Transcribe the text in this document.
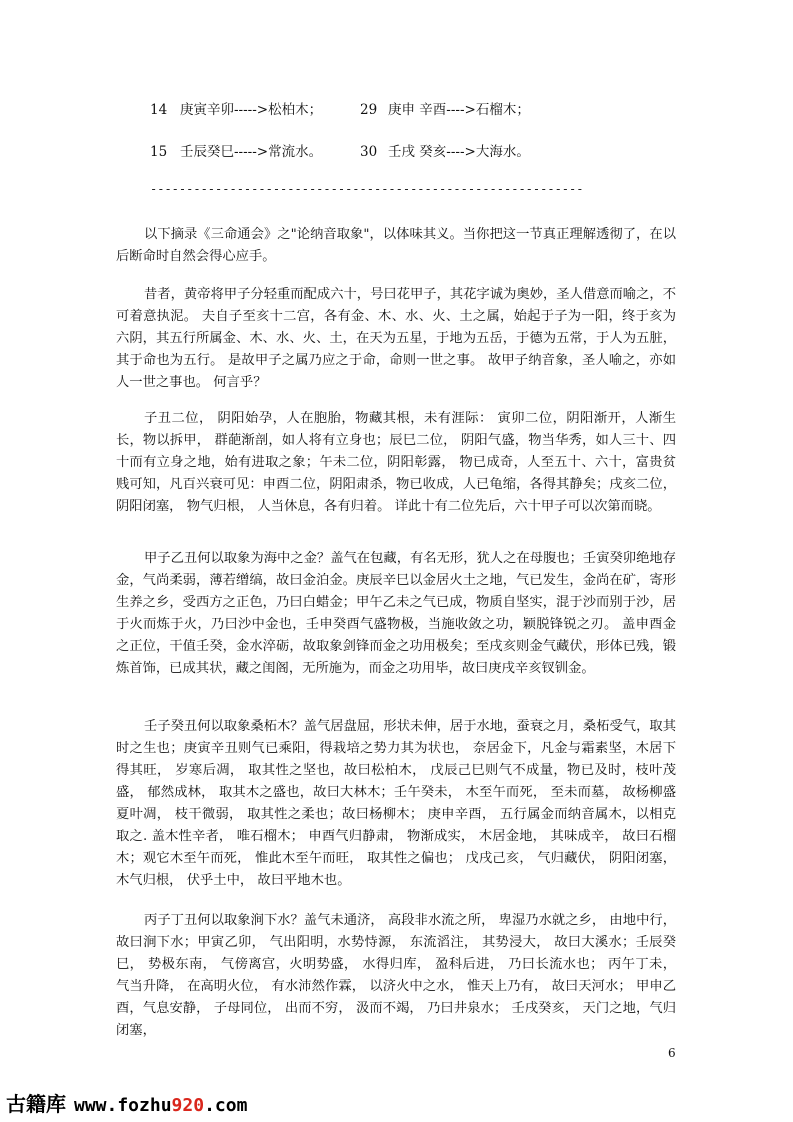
14 庚寅辛卯----->松柏木；	29 庚申 辛酉---->石榴木；
15 壬辰癸巳----->常流水。	30 壬戌 癸亥---->大海水。
------------------------------------------------------------

以下摘录《三命通会》之"论纳音取象"，以体味其义。当你把这一节真正理解透彻了，在以后断命时自然会得心应手。

昔者，黄帝将甲子分轻重而配成六十，号曰花甲子，其花字诚为奥妙，圣人借意而喻之，不可着意执泥。 夫自子至亥十二宫，各有金、木、水、火、土之属，始起于子为一阳，终于亥为六阴，其五行所属金、木、水、火、土，在天为五星，于地为五岳，于德为五常，于人为五脏，其于命也为五行。 是故甲子之属乃应之于命，命则一世之事。 故甲子纳音象，圣人喻之，亦如人一世之事也。 何言乎？

子丑二位， 阴阳始孕，人在胞胎，物藏其根，未有涯际： 寅卯二位，阴阳渐开，人渐生长，物以拆甲， 群葩渐剖，如人将有立身也；辰巳二位， 阴阳气盛，物当华秀，如人三十、四十而有立身之地，始有进取之象；午未二位，阴阳彰露， 物已成奇，人至五十、六十，富贵贫贱可知，凡百兴衰可见：申酉二位，阴阳肃杀，物已收成，人已龟缩，各得其静矣；戌亥二位，阴阳闭塞， 物气归根， 人当休息，各有归着。 详此十有二位先后，六十甲子可以次第而晓。

甲子乙丑何以取象为海中之金？盖气在包藏，有名无形，犹人之在母腹也；壬寅癸卯绝地存金，气尚柔弱，薄若缯缟，故曰金泊金。庚辰辛巳以金居火土之地，气已发生，金尚在矿，寄形生养之乡，受西方之正色，乃曰白蜡金；甲午乙未之气已成，物质自坚实，混于沙而别于沙，居于火而炼于火，乃曰沙中金也，壬申癸酉气盛物极，当施收敛之功，颖脱锋锐之刃。 盖申酉金之正位，干值壬癸，金水淬砺，故取象剑锋而金之功用极矣；至戌亥则金气藏伏，形体已残，锻炼首饰，已成其状，藏之闺阁，无所施为，而金之功用毕，故曰庚戌辛亥钗钏金。

壬子癸丑何以取象桑柘木？盖气居盘屈，形状未伸，居于水地，蚕衰之月，桑柘受气，取其时之生也；庚寅辛丑则气已乘阳，得栽培之势力其为状也， 奈居金下，凡金与霜素坚，木居下得其旺， 岁寒后凋， 取其性之坚也，故曰松柏木， 戊辰己巳则气不成量，物已及时，枝叶茂盛， 郁然成林， 取其木之盛也，故曰大林木；壬午癸未， 木至午而死， 至未而墓， 故杨柳盛夏叶凋， 枝干微弱， 取其性之柔也；故曰杨柳木； 庚申辛酉， 五行属金而纳音属木，以相克取之. 盖木性辛者， 唯石榴木； 申酉气归静肃， 物渐成实， 木居金地， 其味成辛， 故曰石榴木；观它木至午而死， 惟此木至午而旺， 取其性之偏也； 戊戌己亥， 气归藏伏， 阴阳闭塞，木气归根， 伏乎土中， 故曰平地木也。

丙子丁丑何以取象涧下水？盖气未通济， 高段非水流之所， 卑湿乃水就之乡， 由地中行，故曰涧下水；甲寅乙卯， 气出阳明，水势恃源， 东流滔注， 其势浸大， 故曰大溪水；壬辰癸巳， 势极东南， 气傍离宫，火明势盛， 水得归库， 盈科后进， 乃曰长流水也； 丙午丁未， 气当升降， 在高明火位， 有水沛然作霖， 以济火中之水， 惟天上乃有， 故曰天河水； 甲申乙酉，气息安静， 子母同位， 出而不穷， 汲而不竭， 乃曰井泉水； 壬戌癸亥， 天门之地，气归闭塞，

6
古籍库 www.fozhu920.com
